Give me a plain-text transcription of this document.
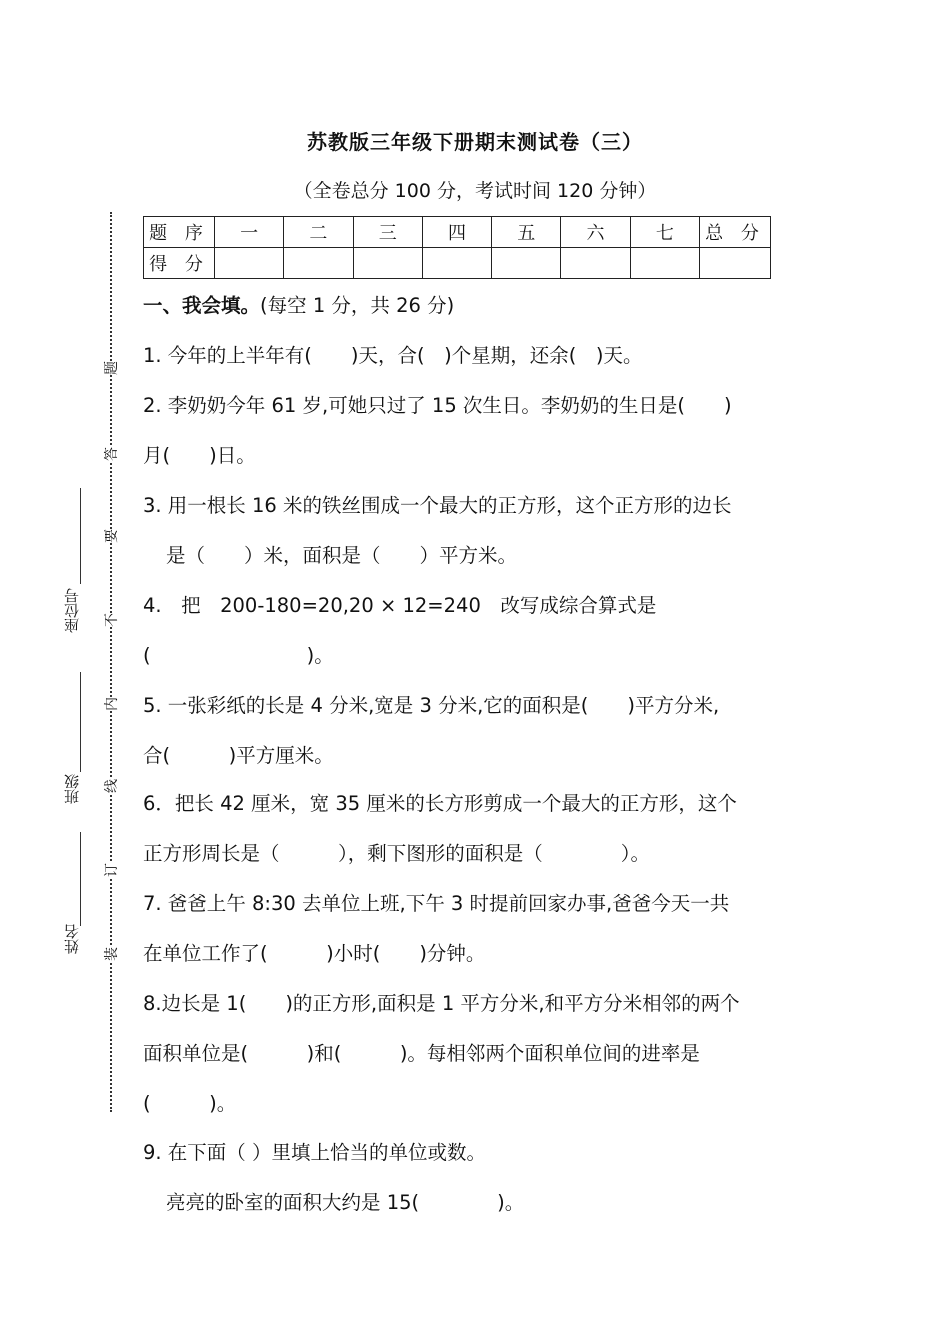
苏教版三年级下册期末测试卷（三）
（全卷总分 100 分，考试时间 120 分钟）
题 序	一	二	三	四	五	六	七	总 分
得 分								
一、我会填。(每空 1 分，共 26 分)
1. 今年的上半年有(　　)天，合(　)个星期，还余(　)天。
2. 李奶奶今年 61 岁,可她只过了 15 次生日。李奶奶的生日是(　　)
月(　　)日。
3. 用一根长 16 米的铁丝围成一个最大的正方形，这个正方形的边长
是（　　）米，面积是（　　）平方米。
4.　把　200-180=20,20 × 12=240　改写成综合算式是
(　　　　　　　　)。
5. 一张彩纸的长是 4 分米,宽是 3 分米,它的面积是(　　)平方分米,
合(　　　)平方厘米。
6．把长 42 厘米，宽 35 厘米的长方形剪成一个最大的正方形，这个
正方形周长是（　　　），剩下图形的面积是（　　　　）。
7. 爸爸上午 8:30 去单位上班,下午 3 时提前回家办事,爸爸今天一共
在单位工作了(　　　)小时(　　)分钟。
8.边长是 1(　　)的正方形,面积是 1 平方分米,和平方分米相邻的两个
面积单位是(　　　)和(　　　)。每相邻两个面积单位间的进率是
(　　　)。
9. 在下面（ ）里填上恰当的单位或数。
亮亮的卧室的面积大约是 15(　　　　)。
题
答
要
不
内
线
订
装
座位号
班级
姓名
